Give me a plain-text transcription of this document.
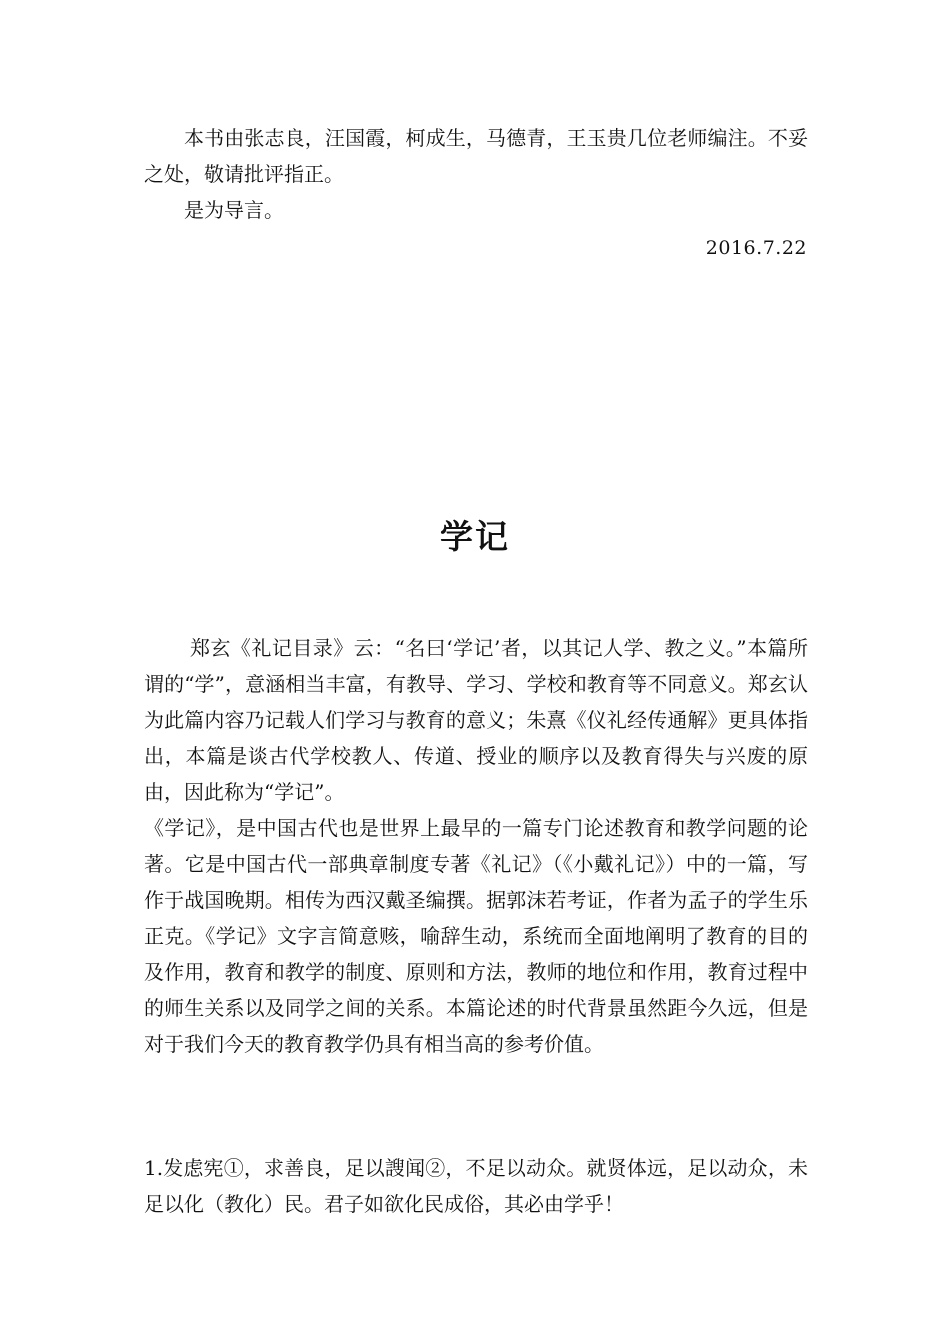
本书由张志良，汪国霞，柯成生，马德青，王玉贵几位老师编注。不妥之处，敬请批评指正。

是为导言。

2016.7.22
学记

郑玄《礼记目录》云：“名曰‘学记’者，以其记人学、教之义。”本篇所谓的“学”，意涵相当丰富，有教导、学习、学校和教育等不同意义。郑玄认为此篇内容乃记载人们学习与教育的意义；朱熹《仪礼经传通解》更具体指出，本篇是谈古代学校教人、传道、授业的顺序以及教育得失与兴废的原由，因此称为“学记”。

《学记》，是中国古代也是世界上最早的一篇专门论述教育和教学问题的论著。它是中国古代一部典章制度专著《礼记》（《小戴礼记》）中的一篇，写作于战国晚期。相传为西汉戴圣编撰。据郭沫若考证，作者为孟子的学生乐正克。《学记》文字言简意赅，喻辞生动，系统而全面地阐明了教育的目的及作用，教育和教学的制度、原则和方法，教师的地位和作用，教育过程中的师生关系以及同学之间的关系。本篇论述的时代背景虽然距今久远，但是对于我们今天的教育教学仍具有相当高的参考价值。

1.发虑宪①，求善良，足以謏闻②，不足以动众。就贤体远，足以动众，未足以化（教化）民。君子如欲化民成俗，其必由学乎！
